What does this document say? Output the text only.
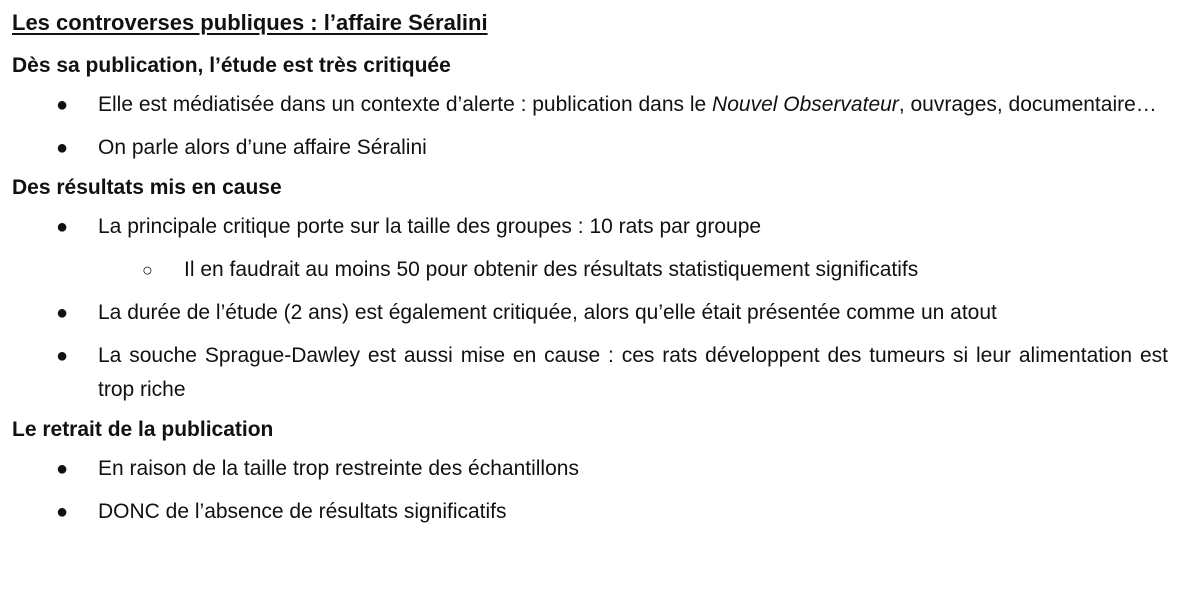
Les controverses publiques : l’affaire Séralini
Dès sa publication, l’étude est très critiquée
● Elle est médiatisée dans un contexte d’alerte : publication dans le Nouvel Observateur, ouvrages, documentaire…
● On parle alors d’une affaire Séralini
Des résultats mis en cause
● La principale critique porte sur la taille des groupes : 10 rats par groupe
○ Il en faudrait au moins 50 pour obtenir des résultats statistiquement significatifs
● La durée de l’étude (2 ans) est également critiquée, alors qu’elle était présentée comme un atout
● La souche Sprague-Dawley est aussi mise en cause : ces rats développent des tumeurs si leur alimentation est trop riche
Le retrait de la publication
● En raison de la taille trop restreinte des échantillons
● DONC de l’absence de résultats significatifs
